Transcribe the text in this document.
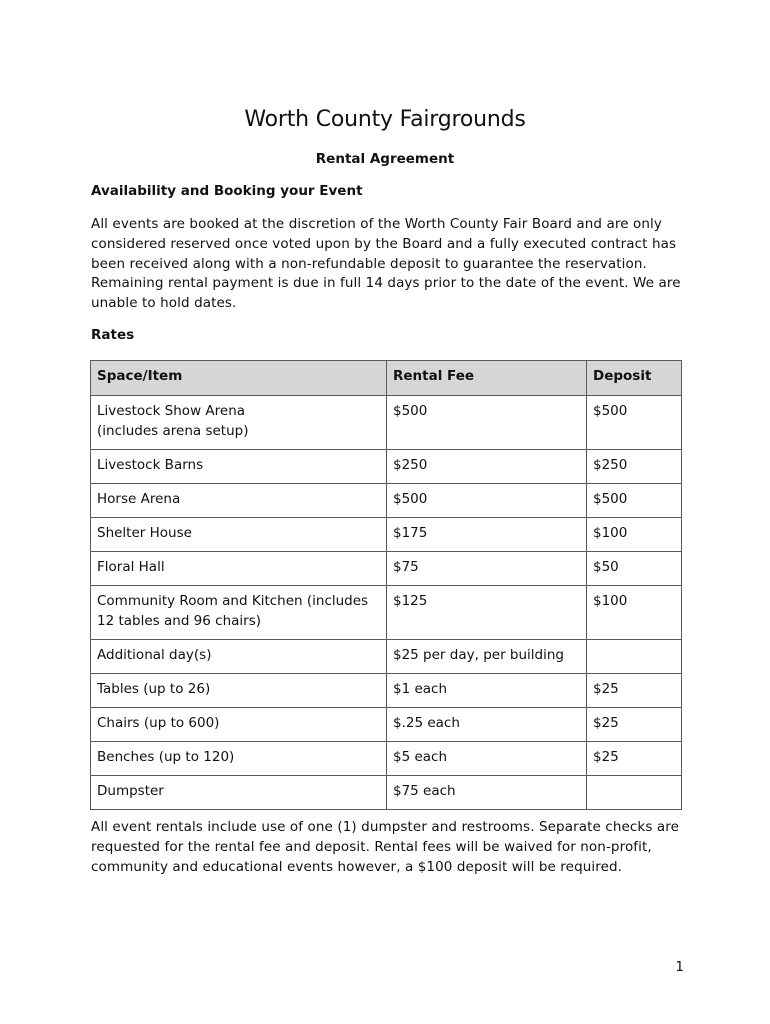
Worth County Fairgrounds
Rental Agreement
Availability and Booking your Event
All events are booked at the discretion of the Worth County Fair Board and are only considered reserved once voted upon by the Board and a fully executed contract has been received along with a non-refundable deposit to guarantee the reservation. Remaining rental payment is due in full 14 days prior to the date of the event. We are unable to hold dates.
Rates
Space/Item	Rental Fee	Deposit
Livestock Show Arena
(includes arena setup)	$500	$500
Livestock Barns	$250	$250
Horse Arena	$500	$500
Shelter House	$175	$100
Floral Hall	$75	$50
Community Room and Kitchen (includes
12 tables and 96 chairs)	$125	$100
Additional day(s)	$25 per day, per building	
Tables (up to 26)	$1 each	$25
Chairs (up to 600)	$.25 each	$25
Benches (up to 120)	$5 each	$25
Dumpster	$75 each	
All event rentals include use of one (1) dumpster and restrooms. Separate checks are requested for the rental fee and deposit. Rental fees will be waived for non-profit, community and educational events however, a $100 deposit will be required.
1
